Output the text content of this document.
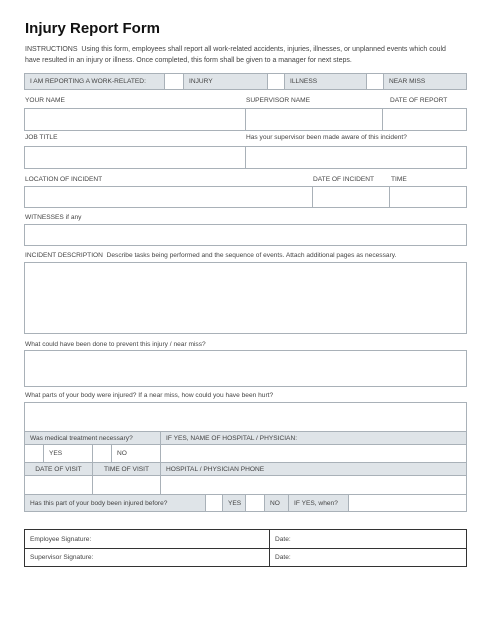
Injury Report Form
INSTRUCTIONS Using this form, employees shall report all work-related accidents, injuries, illnesses, or unplanned events which could have resulted in an injury or illness. Once completed, this form shall be given to a manager for next steps.
I AM REPORTING A WORK-RELATED:	INJURY	ILLNESS	NEAR MISS
YOUR NAME	SUPERVISOR NAME	DATE OF REPORT
JOB TITLE	Has your supervisor been made aware of this incident?
LOCATION OF INCIDENT	DATE OF INCIDENT	TIME
WITNESSES if any
INCIDENT DESCRIPTION Describe tasks being performed and the sequence of events. Attach additional pages as necessary.
What could have been done to prevent this injury / near miss?
What parts of your body were injured? If a near miss, how could you have been hurt?
Was medical treatment necessary?	IF YES, NAME OF HOSPITAL / PHYSICIAN:
YES	NO
DATE OF VISIT	TIME OF VISIT	HOSPITAL / PHYSICIAN PHONE
Has this part of your body been injured before?	YES	NO	IF YES, when?
Employee Signature:	Date:
Supervisor Signature:	Date:
